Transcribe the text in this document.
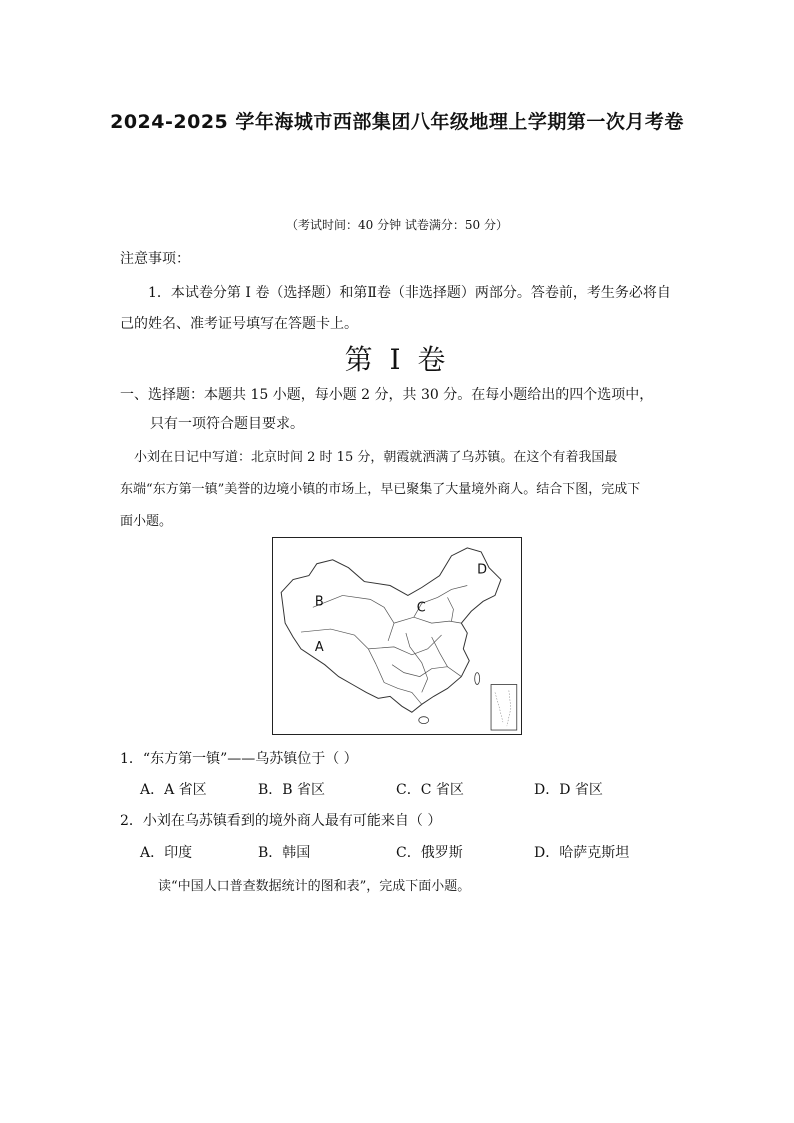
2024-2025 学年海城市西部集团八年级地理上学期第一次月考卷
（考试时间：40 分钟 试卷满分：50 分）
注意事项：
1．本试卷分第 I 卷（选择题）和第Ⅱ卷（非选择题）两部分。答卷前，考生务必将自
己的姓名、准考证号填写在答题卡上。
第 I 卷
一、选择题：本题共 15 小题，每小题 2 分，共 30 分。在每小题给出的四个选项中，
只有一项符合题目要求。
小刘在日记中写道：北京时间 2 时 15 分，朝霞就洒满了乌苏镇。在这个有着我国最
东端“东方第一镇”美誉的边境小镇的市场上，早已聚集了大量境外商人。结合下图，完成下
面小题。
A
B	C
D
1．“东方第一镇”——乌苏镇位于（ ）
A．A 省区	B．B 省区	C．C 省区	D．D 省区
2．小刘在乌苏镇看到的境外商人最有可能来自（ ）
A．印度	B．韩国	C．俄罗斯	D．哈萨克斯坦
读“中国人口普查数据统计的图和表”，完成下面小题。
